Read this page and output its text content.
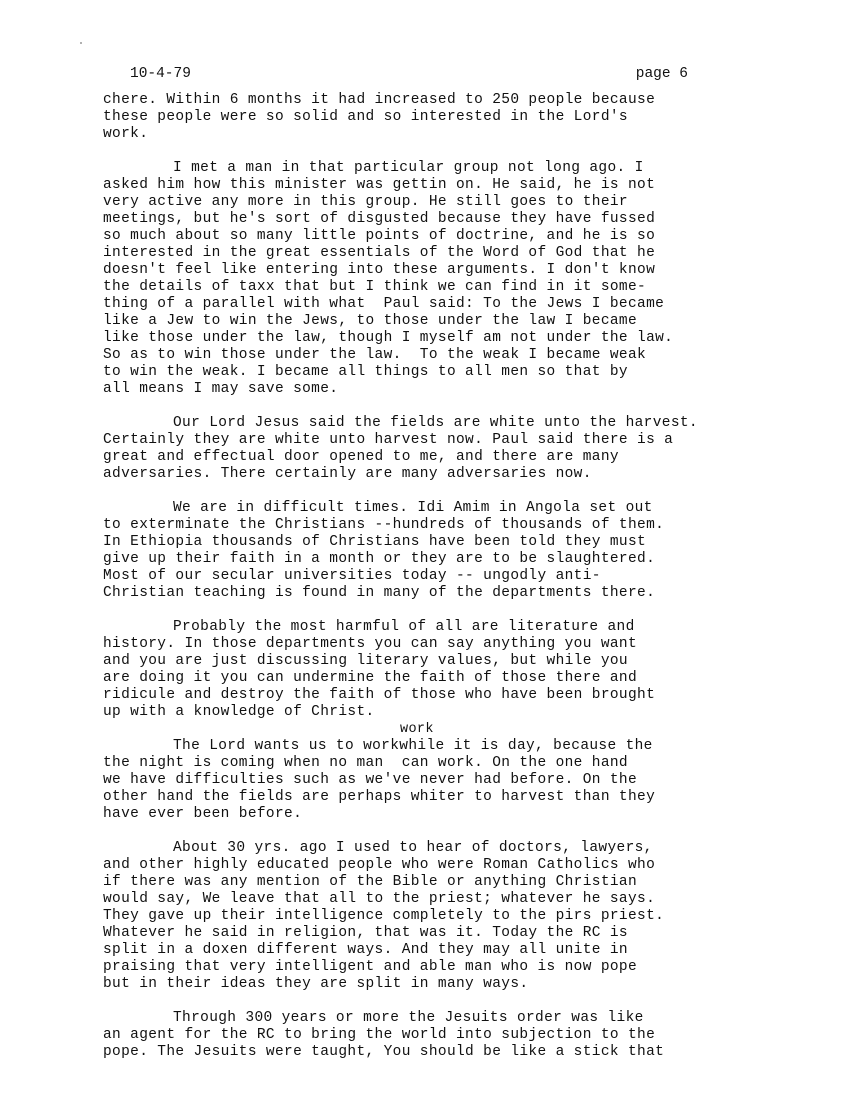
10-4-79	page 6
chere. Within 6 months it had increased to 250 people because
these people were so solid and so interested in the Lord's
work.
I met a man in that particular group not long ago. I
asked him how this minister was gettin on. He said, he is not
very active any more in this group. He still goes to their
meetings, but he's sort of disgusted because they have fussed
so much about so many little points of doctrine, and he is so
interested in the great essentials of the Word of God that he
doesn't feel like entering into these arguments. I don't know
the details of taxx that but I think we can find in it some-
thing of a parallel with what  Paul said: To the Jews I became
like a Jew to win the Jews, to those under the law I became
like those under the law, though I myself am not under the law.
So as to win those under the law.  To the weak I became weak
to win the weak. I became all things to all men so that by
all means I may save some.
Our Lord Jesus said the fields are white unto the harvest.
Certainly they are white unto harvest now. Paul said there is a
great and effectual door opened to me, and there are many
adversaries. There certainly are many adversaries now.
We are in difficult times. Idi Amim in Angola set out
to exterminate the Christians --hundreds of thousands of them.
In Ethiopia thousands of Christians have been told they must
give up their faith in a month or they are to be slaughtered.
Most of our secular universities today -- ungodly anti-
Christian teaching is found in many of the departments there.
Probably the most harmful of all are literature and
history. In those departments you can say anything you want
and you are just discussing literary values, but while you
are doing it you can undermine the faith of those there and
ridicule and destroy the faith of those who have been brought
up with a knowledge of Christ.
work
The Lord wants us to workwhile it is day, because the
the night is coming when no man  can work. On the one hand
we have difficulties such as we've never had before. On the
other hand the fields are perhaps whiter to harvest than they
have ever been before.
About 30 yrs. ago I used to hear of doctors, lawyers,
and other highly educated people who were Roman Catholics who
if there was any mention of the Bible or anything Christian
would say, We leave that all to the priest; whatever he says.
They gave up their intelligence completely to the pirs priest.
Whatever he said in religion, that was it. Today the RC is
split in a doxen different ways. And they may all unite in
praising that very intelligent and able man who is now pope
but in their ideas they are split in many ways.
Through 300 years or more the Jesuits order was like
an agent for the RC to bring the world into subjection to the
pope. The Jesuits were taught, You should be like a stick that
